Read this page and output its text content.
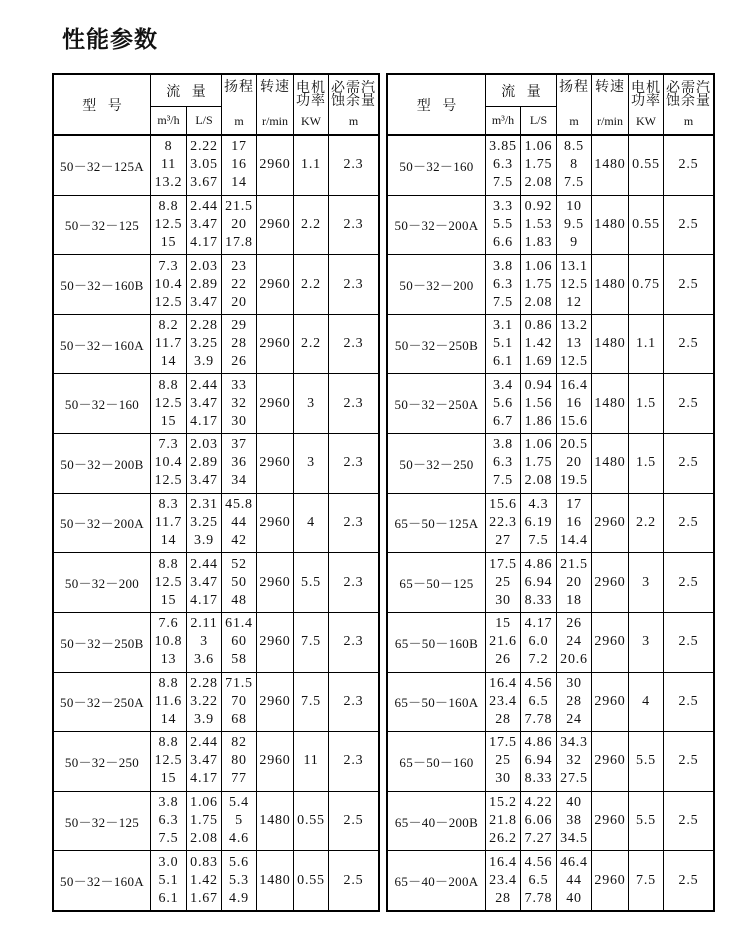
性能参数
型 号
流 量
m³/h L/S
扬程
m
转速
r/min
电机
功率
KW
必需汽
蚀余量
m
50－32－125A
8
11
13.2
2.22
3.05
3.67
17
16
14
2960 1.1 2.3
50－32－125
8.8
12.5
15
2.44
3.47
4.17
21.5
20
17.8
2960 2.2 2.3
50－32－160B
7.3
10.4
12.5
2.03
2.89
3.47
23
22
20
2960 2.2 2.3
50－32－160A
8.2
11.7
14
2.28
3.25
3.9
29
28
26
2960 2.2 2.3
50－32－160
8.8
12.5
15
2.44
3.47
4.17
33
32
30
2960 3 2.3
50－32－200B
7.3
10.4
12.5
2.03
2.89
3.47
37
36
34
2960 3 2.3
50－32－200A
8.3
11.7
14
2.31
3.25
3.9
45.8
44
42
2960 4 2.3
50－32－200
8.8
12.5
15
2.44
3.47
4.17
52
50
48
2960 5.5 2.3
50－32－250B
7.6
10.8
13
2.11
3
3.6
61.4
60
58
2960 7.5 2.3
50－32－250A
8.8
11.6
14
2.28
3.22
3.9
71.5
70
68
2960 7.5 2.3
50－32－250
8.8
12.5
15
2.44
3.47
4.17
82
80
77
2960 11 2.3
50－32－125
3.8
6.3
7.5
1.06
1.75
2.08
5.4
5
4.6
1480 0.55 2.5
50－32－160A
3.0
5.1
6.1
0.83
1.42
1.67
5.6
5.3
4.9
1480 0.55 2.5
型 号
流 量
m³/h L/S
扬程
m
转速
r/min
电机
功率
KW
必需汽
蚀余量
m
50－32－160
3.85
6.3
7.5
1.06
1.75
2.08
8.5
8
7.5
1480 0.55 2.5
50－32－200A
3.3
5.5
6.6
0.92
1.53
1.83
10
9.5
9
1480 0.55 2.5
50－32－200
3.8
6.3
7.5
1.06
1.75
2.08
13.1
12.5
12
1480 0.75 2.5
50－32－250B
3.1
5.1
6.1
0.86
1.42
1.69
13.2
13
12.5
1480 1.1 2.5
50－32－250A
3.4
5.6
6.7
0.94
1.56
1.86
16.4
16
15.6
1480 1.5 2.5
50－32－250
3.8
6.3
7.5
1.06
1.75
2.08
20.5
20
19.5
1480 1.5 2.5
65－50－125A
15.6
22.3
27
4.3
6.19
7.5
17
16
14.4
2960 2.2 2.5
65－50－125
17.5
25
30
4.86
6.94
8.33
21.5
20
18
2960 3 2.5
65－50－160B
15
21.6
26
4.17
6.0
7.2
26
24
20.6
2960 3 2.5
65－50－160A
16.4
23.4
28
4.56
6.5
7.78
30
28
24
2960 4 2.5
65－50－160
17.5
25
30
4.86
6.94
8.33
34.3
32
27.5
2960 5.5 2.5
65－40－200B
15.2
21.8
26.2
4.22
6.06
7.27
40
38
34.5
2960 5.5 2.5
65－40－200A
16.4
23.4
28
4.56
6.5
7.78
46.4
44
40
2960 7.5 2.5
